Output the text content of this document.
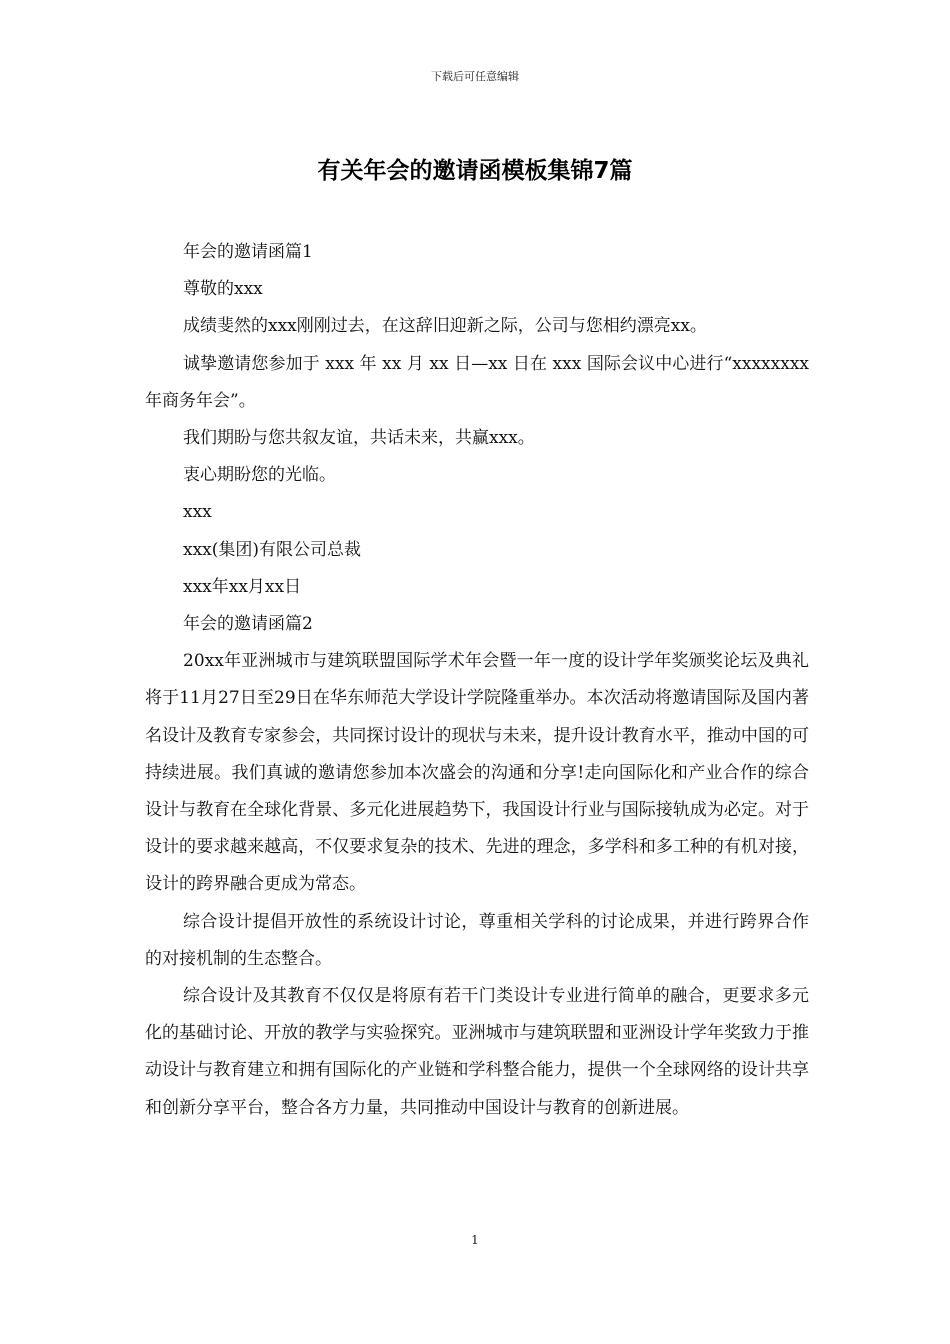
下载后可任意编辑
有关年会的邀请函模板集锦7篇

年会的邀请函篇1

尊敬的xxx

成绩斐然的xxx刚刚过去，在这辞旧迎新之际，公司与您相约漂亮xx。

诚挚邀请您参加于 xxx 年 xx 月 xx 日—xx 日在 xxx 国际会议中心进行“xxxxxxxx年商务年会”。

我们期盼与您共叙友谊，共话未来，共赢xxx。

衷心期盼您的光临。

xxx

xxx(集团)有限公司总裁

xxx年xx月xx日

年会的邀请函篇2

20xx年亚洲城市与建筑联盟国际学术年会暨一年一度的设计学年奖颁奖论坛及典礼将于11月27日至29日在华东师范大学设计学院隆重举办。本次活动将邀请国际及国内著名设计及教育专家参会，共同探讨设计的现状与未来，提升设计教育水平，推动中国的可持续进展。我们真诚的邀请您参加本次盛会的沟通和分享!走向国际化和产业合作的综合设计与教育在全球化背景、多元化进展趋势下，我国设计行业与国际接轨成为必定。对于设计的要求越来越高，不仅要求复杂的技术、先进的理念，多学科和多工种的有机对接，设计的跨界融合更成为常态。

综合设计提倡开放性的系统设计讨论，尊重相关学科的讨论成果，并进行跨界合作的对接机制的生态整合。

综合设计及其教育不仅仅是将原有若干门类设计专业进行简单的融合，更要求多元化的基础讨论、开放的教学与实验探究。亚洲城市与建筑联盟和亚洲设计学年奖致力于推动设计与教育建立和拥有国际化的产业链和学科整合能力，提供一个全球网络的设计共享和创新分享平台，整合各方力量，共同推动中国设计与教育的创新进展。

1
